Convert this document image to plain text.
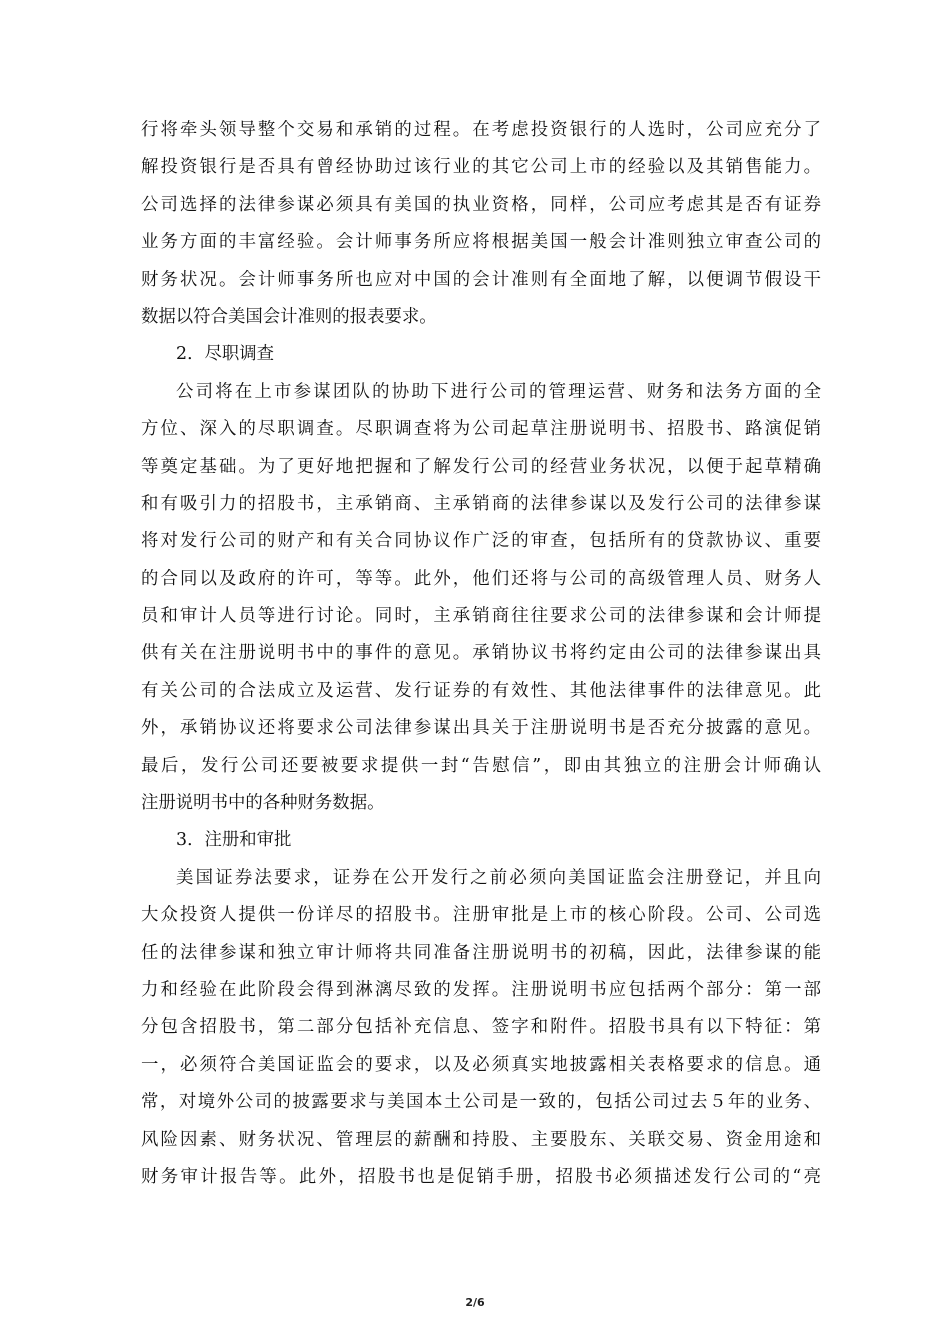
行将牵头领导整个交易和承销的过程。在考虑投资银行的人选时，公司应充分了
解投资银行是否具有曾经协助过该行业的其它公司上市的经验以及其销售能力。
公司选择的法律参谋必须具有美国的执业资格，同样，公司应考虑其是否有证券
业务方面的丰富经验。会计师事务所应将根据美国一般会计准则独立审查公司的
财务状况。会计师事务所也应对中国的会计准则有全面地了解，以便调节假设干
数据以符合美国会计准则的报表要求。
2．尽职调查
公司将在上市参谋团队的协助下进行公司的管理运营、财务和法务方面的全
方位、深入的尽职调查。尽职调查将为公司起草注册说明书、招股书、路演促销
等奠定基础。为了更好地把握和了解发行公司的经营业务状况，以便于起草精确
和有吸引力的招股书，主承销商、主承销商的法律参谋以及发行公司的法律参谋
将对发行公司的财产和有关合同协议作广泛的审查，包括所有的贷款协议、重要
的合同以及政府的许可，等等。此外，他们还将与公司的高级管理人员、财务人
员和审计人员等进行讨论。同时，主承销商往往要求公司的法律参谋和会计师提
供有关在注册说明书中的事件的意见。承销协议书将约定由公司的法律参谋出具
有关公司的合法成立及运营、发行证券的有效性、其他法律事件的法律意见。此
外，承销协议还将要求公司法律参谋出具关于注册说明书是否充分披露的意见。
最后，发行公司还要被要求提供一封“告慰信”，即由其独立的注册会计师确认
注册说明书中的各种财务数据。
3．注册和审批
美国证券法要求，证券在公开发行之前必须向美国证监会注册登记，并且向
大众投资人提供一份详尽的招股书。注册审批是上市的核心阶段。公司、公司选
任的法律参谋和独立审计师将共同准备注册说明书的初稿，因此，法律参谋的能
力和经验在此阶段会得到淋漓尽致的发挥。注册说明书应包括两个部分：第一部
分包含招股书，第二部分包括补充信息、签字和附件。招股书具有以下特征：第
一，必须符合美国证监会的要求，以及必须真实地披露相关表格要求的信息。通
常，对境外公司的披露要求与美国本土公司是一致的，包括公司过去５年的业务、
风险因素、财务状况、管理层的薪酬和持股、主要股东、关联交易、资金用途和
财务审计报告等。此外，招股书也是促销手册，招股书必须描述发行公司的“亮
2/6
